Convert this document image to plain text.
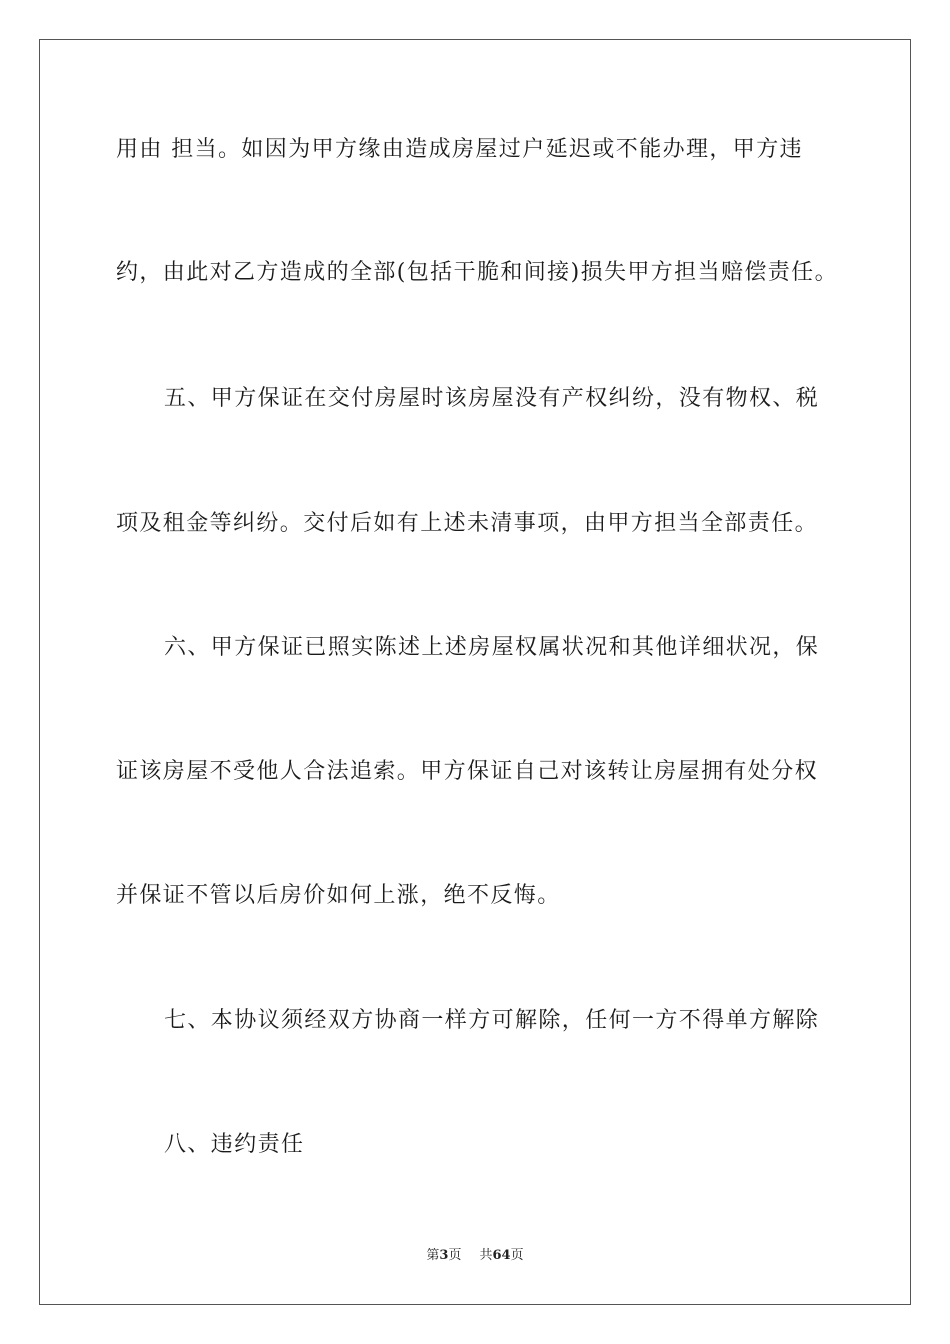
用由 担当。如因为甲方缘由造成房屋过户延迟或不能办理，甲方违
约，由此对乙方造成的全部(包括干脆和间接)损失甲方担当赔偿责任。
五、甲方保证在交付房屋时该房屋没有产权纠纷，没有物权、税
项及租金等纠纷。交付后如有上述未清事项，由甲方担当全部责任。
六、甲方保证已照实陈述上述房屋权属状况和其他详细状况，保
证该房屋不受他人合法追索。甲方保证自己对该转让房屋拥有处分权
并保证不管以后房价如何上涨，绝不反悔。
七、本协议须经双方协商一样方可解除，任何一方不得单方解除
八、违约责任
第3页 共64页
